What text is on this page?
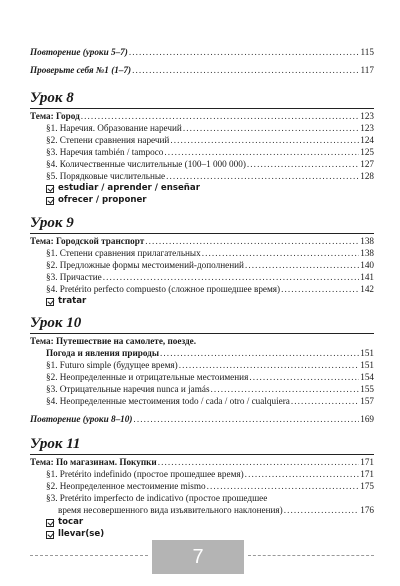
Повторение (уроки 5–7) .....	115
Проверьте себя №1 (1–7) .....	117
Урок 8
Тема: Город .....	123
§1. Наречия. Образование наречий .....	123
§2. Степени сравнения наречий .....	124
§3. Наречия también / tampoco .....	125
§4. Количественные числительные (100–1 000 000) .....	127
§5. Порядковые числительные .....	128
estudiar / aprender / enseñar
ofrecer / proponer
Урок 9
Тема: Городской транспорт .....	138
§1. Степени сравнения прилагательных .....	138
§2. Предложные формы местоимений-дополнений .....	140
§3. Причастие .....	141
§4. Pretérito perfecto compuesto (сложное прошедшее время) .....	142
tratar
Урок 10
Тема: Путешествие на самолете, поезде.
Погода и явления природы .....	151
§1. Futuro simple (будущее время) .....	151
§2. Неопределенные и отрицательные местоимения .....	154
§3. Отрицательные наречия nunca и jamás .....	155
§4. Неопределенные местоимения todo / cada / otro / cualquiera .....	157
Повторение (уроки 8–10) .....	169
Урок 11
Тема: По магазинам. Покупки .....	171
§1. Pretérito indefinido (простое прошедшее время) .....	171
§2. Неопределенное местоимение mismo .....	175
§3. Pretérito imperfecto de indicativo (простое прошедшее
время несовершенного вида изъявительного наклонения) .....	176
tocar
llevar(se)
7
